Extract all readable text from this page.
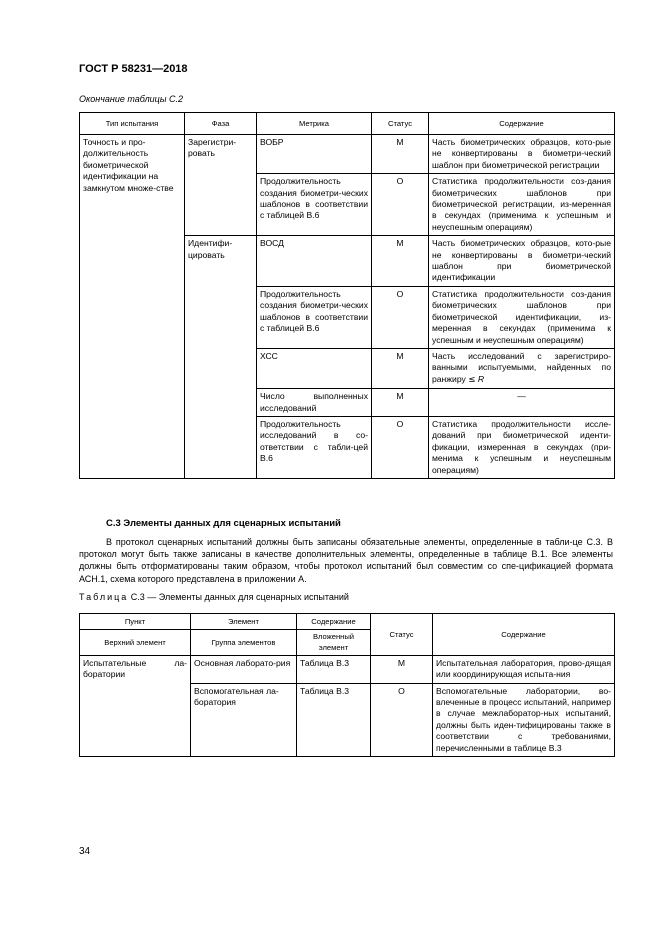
ГОСТ Р 58231—2018
Окончание таблицы С.2
Тип испытания	Фаза	Метрика	Статус	Содержание
Точность и про-должительность биометрической идентификации на замкнутом множе-стве	Зарегистри-ровать	ВОБР	М	Часть биометрических образцов, кото-рые не конвертированы в биометри-ческий шаблон при биометрической регистрации
		Продолжительность создания биометри-ческих шаблонов в соответствии с таблицей В.6	О	Статистика продолжительности соз-дания биометрических шаблонов при биометрической регистрации, из-меренная в секундах (применима к успешным и неуспешным операциям)
	Идентифи-цировать	ВОСД	М	Часть биометрических образцов, кото-рые не конвертированы в биометри-ческий шаблон при биометрической идентификации
		Продолжительность создания биометри-ческих шаблонов в соответствии с таблицей В.6	О	Статистика продолжительности соз-дания биометрических шаблонов при биометрической идентификации, из-меренная в секундах (применима к успешным и неуспешным операциям)
		ХСС	М	Часть исследований с зарегистриро-ванными испытуемыми, найденных по ранжиру ≤ R
		Число выполненных исследований	М	—
		Продолжительность исследований в со-ответствии с табли-цей В.6	О	Статистика продолжительности иссле-дований при биометрической иденти-фикации, измеренная в секундах (при-менима к успешным и неуспешным операциям)
С.3 Элементы данных для сценарных испытаний
В протокол сценарных испытаний должны быть записаны обязательные элементы, определенные в табли-це С.3. В протокол могут быть также записаны в качестве дополнительных элементы, определенные в таблице В.1. Все элементы должны быть отформатированы таким образом, чтобы протокол испытаний был совместим со спе-цификацией формата АСН.1, схема которого представлена в приложении А.
Таблица С.3 — Элементы данных для сценарных испытаний
Пункт	Элемент	Содержание	Статус	Содержание
Верхний элемент	Группа элементов	Вложенный элемент		
Испытательные ла-боратории	Основная лаборато-рия	Таблица В.3	М	Испытательная лаборатория, прово-дящая или координирующая испыта-ния
	Вспомогательная ла-боратория	Таблица В.3	О	Вспомогательные лаборатории, во-влеченные в процесс испытаний, например в случае межлаборатор-ных испытаний, должны быть иден-тифицированы также в соответствии с требованиями, перечисленными в таблице В.3
34
